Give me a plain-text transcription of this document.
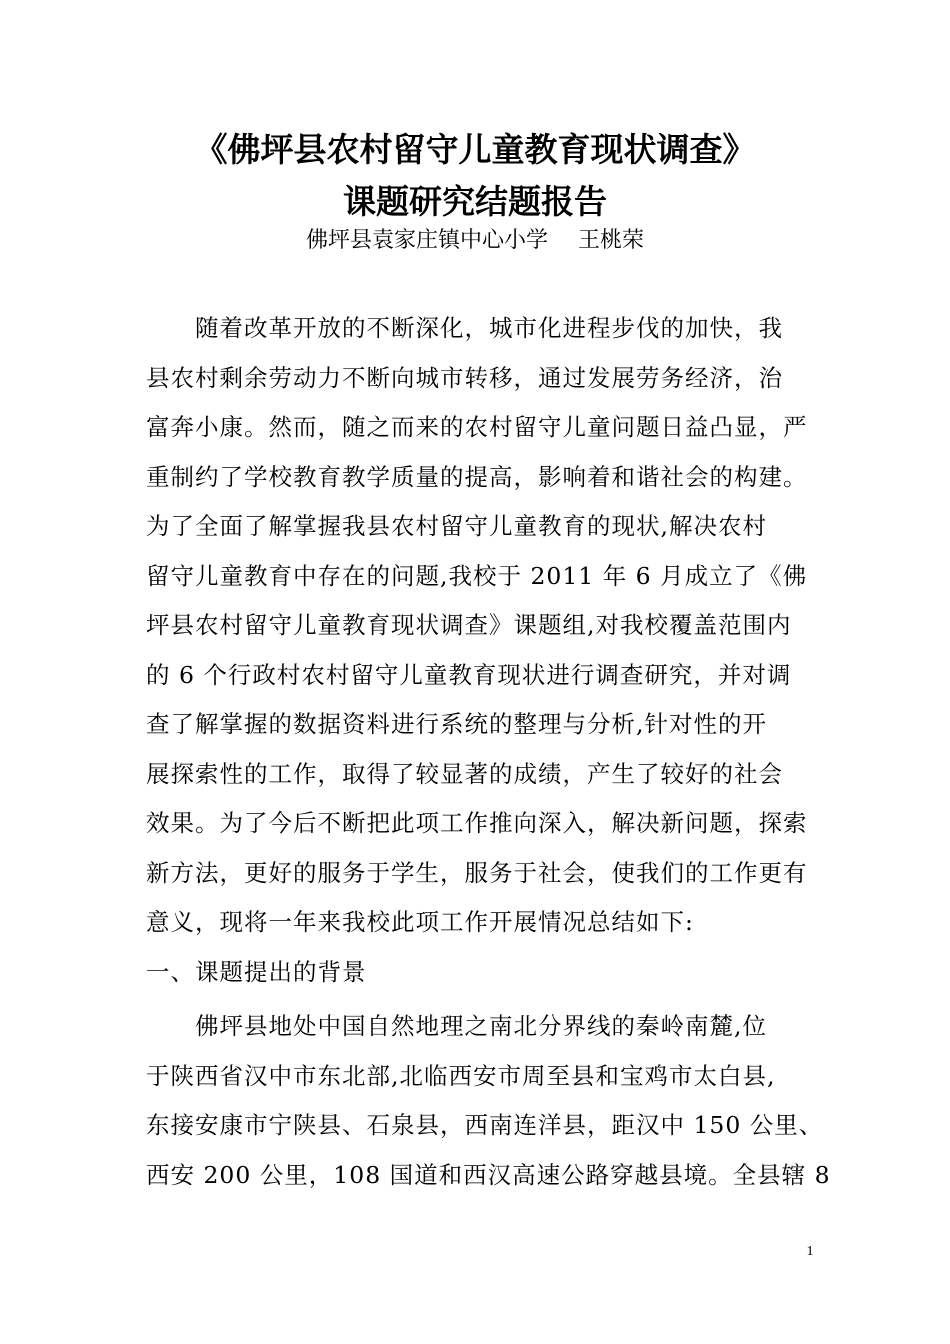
《佛坪县农村留守儿童教育现状调查》
课题研究结题报告
佛坪县袁家庄镇中心小学 王桃荣
　　随着改革开放的不断深化，城市化进程步伐的加快，我
县农村剩余劳动力不断向城市转移，通过发展劳务经济，治
富奔小康。然而，随之而来的农村留守儿童问题日益凸显，严
重制约了学校教育教学质量的提高，影响着和谐社会的构建。
为了全面了解掌握我县农村留守儿童教育的现状,解决农村
留守儿童教育中存在的问题,我校于 2011 年 6 月成立了《佛
坪县农村留守儿童教育现状调查》课题组,对我校覆盖范围内
的 6 个行政村农村留守儿童教育现状进行调查研究，并对调
查了解掌握的数据资料进行系统的整理与分析,针对性的开
展探索性的工作，取得了较显著的成绩，产生了较好的社会
效果。为了今后不断把此项工作推向深入，解决新问题，探索
新方法，更好的服务于学生，服务于社会，使我们的工作更有
意义，现将一年来我校此项工作开展情况总结如下:
一、课题提出的背景
　　佛坪县地处中国自然地理之南北分界线的秦岭南麓,位
于陕西省汉中市东北部,北临西安市周至县和宝鸡市太白县,
东接安康市宁陕县、石泉县，西南连洋县，距汉中 150 公里、
西安 200 公里，108 国道和西汉高速公路穿越县境。全县辖 8
1
